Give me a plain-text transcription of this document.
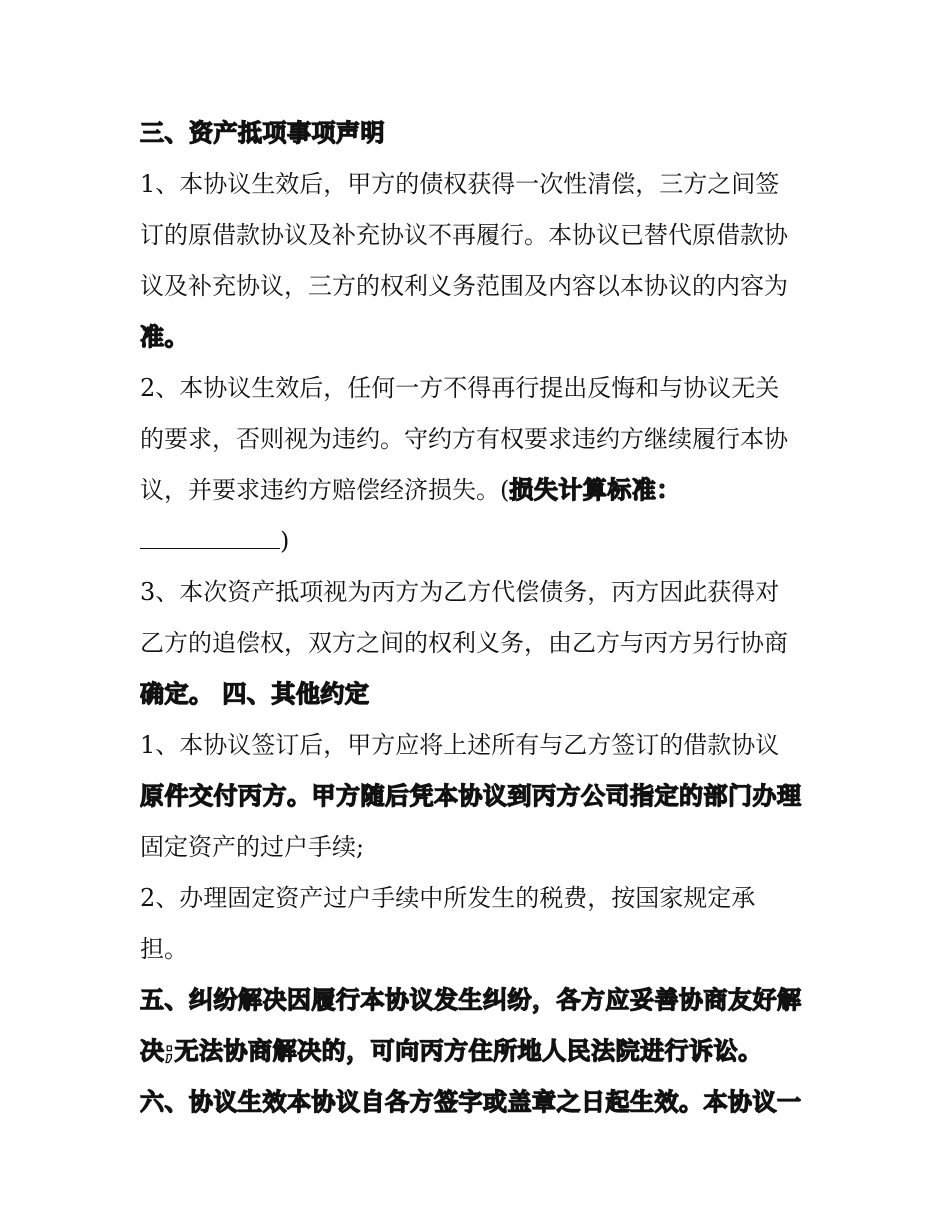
三、资产抵项事项声明
1、本协议生效后，甲方的债权获得一次性清偿，三方之间签
订的原借款协议及补充协议不再履行。本协议已替代原借款协
议及补充协议，三方的权利义务范围及内容以本协议的内容为
准。
2、本协议生效后，任何一方不得再行提出反悔和与协议无关
的要求，否则视为违约。守约方有权要求违约方继续履行本协
议，并要求违约方赔偿经济损失。(损失计算标准：
)
3、本次资产抵项视为丙方为乙方代偿债务，丙方因此获得对
乙方的追偿权，双方之间的权利义务，由乙方与丙方另行协商
确定。 四、其他约定
1、本协议签订后，甲方应将上述所有与乙方签订的借款协议
原件交付丙方。甲方随后凭本协议到丙方公司指定的部门办理
固定资产的过户手续;
2、办理固定资产过户手续中所发生的税费，按国家规定承
担。
五、纠纷解决因履行本协议发生纠纷，各方应妥善协商友好解
决;无法协商解决的，可向丙方住所地人民法院进行诉讼。
六、协议生效本协议自各方签字或盖章之日起生效。本协议一
